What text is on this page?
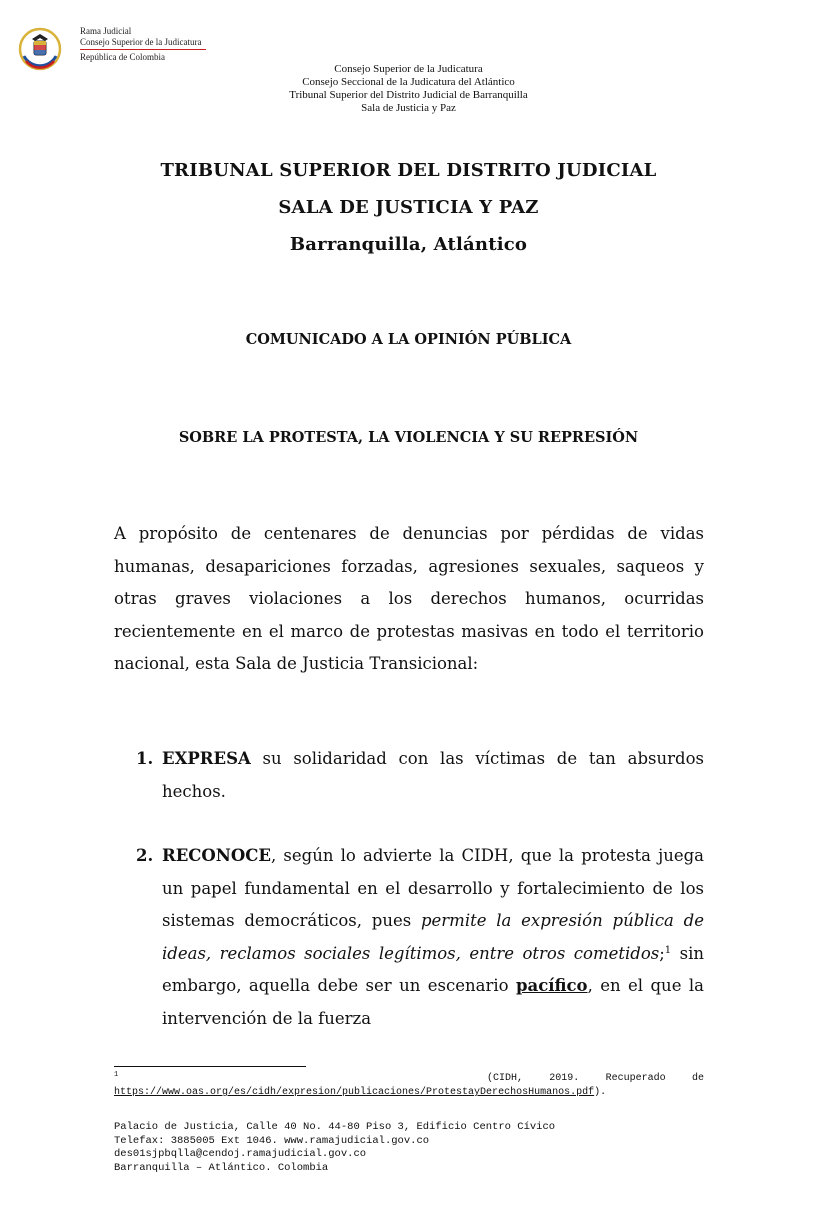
Rama Judicial
Consejo Superior de la Judicatura
República de Colombia
Consejo Superior de la Judicatura
Consejo Seccional de la Judicatura del Atlántico
Tribunal Superior del Distrito Judicial de Barranquilla
Sala de Justicia y Paz
TRIBUNAL SUPERIOR DEL DISTRITO JUDICIAL
SALA DE JUSTICIA Y PAZ
Barranquilla, Atlántico
COMUNICADO A LA OPINIÓN PÚBLICA
SOBRE LA PROTESTA, LA VIOLENCIA Y SU REPRESIÓN

A propósito de centenares de denuncias por pérdidas de vidas humanas, desapariciones forzadas, agresiones sexuales, saqueos y otras graves violaciones a los derechos humanos, ocurridas recientemente en el marco de protestas masivas en todo el territorio nacional, esta Sala de Justicia Transicional:

1. EXPRESA su solidaridad con las víctimas de tan absurdos hechos.
2. RECONOCE, según lo advierte la CIDH, que la protesta juega un papel fundamental en el desarrollo y fortalecimiento de los sistemas democráticos, pues permite la expresión pública de ideas, reclamos sociales legítimos, entre otros cometidos;$^1$ sin embargo, aquella debe ser un escenario pacífico, en el que la intervención de la fuerza
$^1$	(CIDH, 2019. Recuperado de
https://www.oas.org/es/cidh/expresion/publicaciones/ProtestayDerechosHumanos.pdf).
Palacio de Justicia, Calle 40 No. 44-80 Piso 3, Edificio Centro Cívico
Telefax: 3885005 Ext 1046. www.ramajudicial.gov.co
des01sjpbqlla@cendoj.ramajudicial.gov.co
Barranquilla – Atlántico. Colombia
